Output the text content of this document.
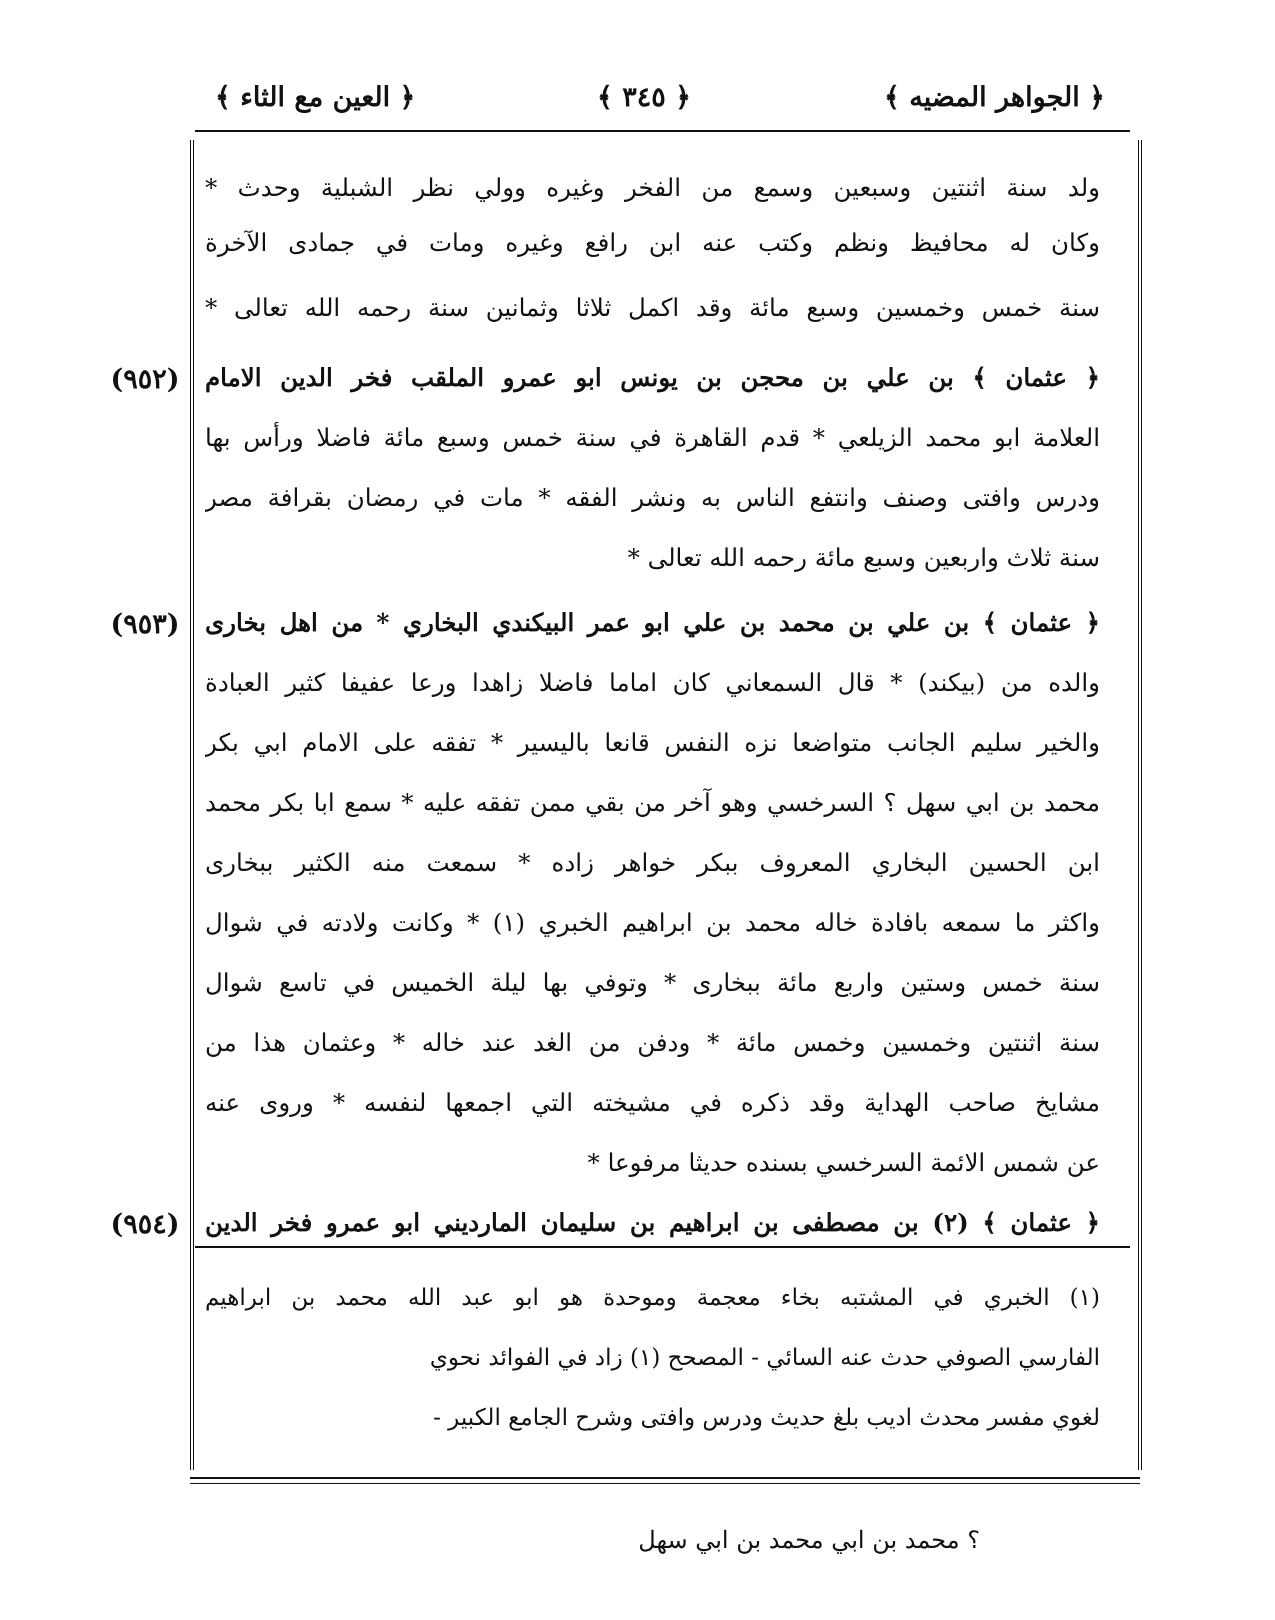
﴿ الجواهر المضيه ﴾
﴿ ٣٤٥ ﴾
﴿ العين مع الثاء ﴾
ولد سنة اثنتين وسبعين وسمع من الفخر وغيره وولي نظر الشبلية وحدث *
وكان له محافيظ ونظم وكتب عنه ابن رافع وغيره ومات في جمادى الآخرة
سنة خمس وخمسين وسبع مائة وقد اكمل ثلاثا وثمانين سنة رحمه الله تعالى *
﴿ عثمان ﴾ بن علي بن محجن بن يونس ابو عمرو الملقب فخر الدين الامام
العلامة ابو محمد الزيلعي * قدم القاهرة في سنة خمس وسبع مائة فاضلا ورأس بها
ودرس وافتى وصنف وانتفع الناس به ونشر الفقه * مات في رمضان بقرافة مصر
سنة ثلاث واربعين وسبع مائة رحمه الله تعالى *
﴿ عثمان ﴾ بن علي بن محمد بن علي ابو عمر البيكندي البخاري * من اهل بخارى
والده من (بيكند) * قال السمعاني كان اماما فاضلا زاهدا ورعا عفيفا كثير العبادة
والخير سليم الجانب متواضعا نزه النفس قانعا باليسير * تفقه على الامام ابي بكر
محمد بن ابي سهل ؟ السرخسي وهو آخر من بقي ممن تفقه عليه * سمع ابا بكر محمد
ابن الحسين البخاري المعروف ببكر خواهر زاده * سمعت منه الكثير ببخارى
واكثر ما سمعه بافادة خاله محمد بن ابراهيم الخبري (١) * وكانت ولادته في شوال
سنة خمس وستين واربع مائة ببخارى * وتوفي بها ليلة الخميس في تاسع شوال
سنة اثنتين وخمسين وخمس مائة * ودفن من الغد عند خاله * وعثمان هذا من
مشايخ صاحب الهداية وقد ذكره في مشيخته التي اجمعها لنفسه * وروى عنه
عن شمس الائمة السرخسي بسنده حديثا مرفوعا *
﴿ عثمان ﴾ (٢) بن مصطفى بن ابراهيم بن سليمان المارديني ابو عمرو فخر الدين
(٩٥٢)
(٩٥٣)
(٩٥٤)
(١) الخبري في المشتبه بخاء معجمة وموحدة هو ابو عبد الله محمد بن ابراهيم
الفارسي الصوفي حدث عنه السائي - المصحح (١) زاد في الفوائد نحوي
لغوي مفسر محدث اديب بلغ حديث ودرس وافتى وشرح الجامع الكبير -
؟ محمد بن ابي محمد بن ابي سهل
